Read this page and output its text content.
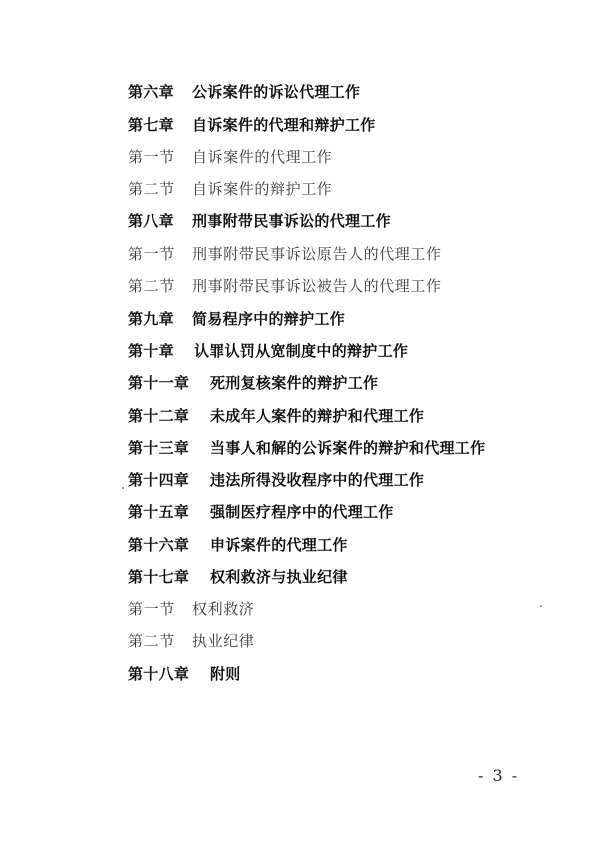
第六章 公诉案件的诉讼代理工作
第七章 自诉案件的代理和辩护工作
第一节 自诉案件的代理工作
第二节 自诉案件的辩护工作
第八章 刑事附带民事诉讼的代理工作
第一节 刑事附带民事诉讼原告人的代理工作
第二节 刑事附带民事诉讼被告人的代理工作
第九章 简易程序中的辩护工作
第十章 认罪认罚从宽制度中的辩护工作
第十一章 死刑复核案件的辩护工作
第十二章 未成年人案件的辩护和代理工作
第十三章 当事人和解的公诉案件的辩护和代理工作
第十四章 违法所得没收程序中的代理工作
第十五章 强制医疗程序中的代理工作
第十六章 申诉案件的代理工作
第十七章 权利救济与执业纪律
第一节 权利救济
第二节 执业纪律
第十八章 附则
- 3 -
